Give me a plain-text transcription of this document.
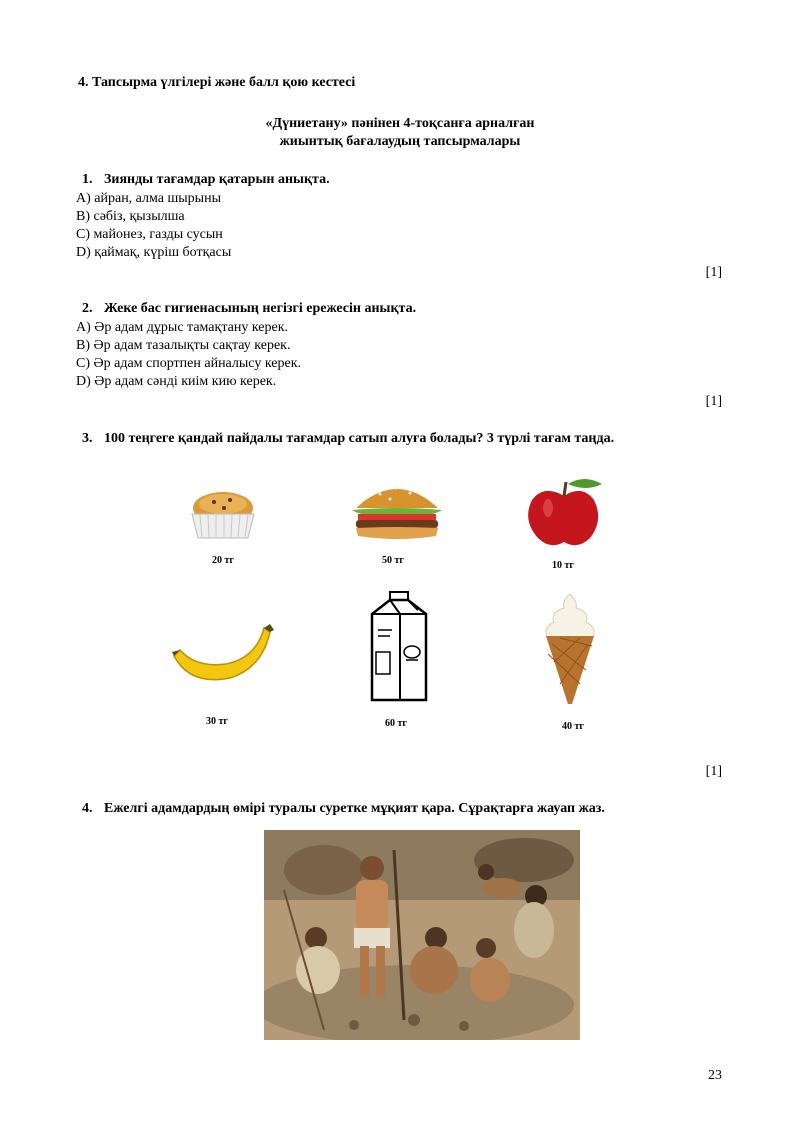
4. Тапсырма үлгілері және балл қою кестесі
«Дүниетану» пәнінен 4-тоқсанға арналған
жиынтық бағалаудың тапсырмалары
1. Зиянды тағамдар қатарын анықта.
A) айран, алма шырыны
B) сәбіз, қызылша
C) майонез, газды сусын
D) қаймақ, күріш ботқасы
[1]
2. Жеке бас гигиенасының негізгі ережесін анықта.
A) Әр адам дұрыс тамақтану керек.
B) Әр адам тазалықты сақтау керек.
C) Әр адам спортпен айналысу керек.
D) Әр адам сәнді киім кию керек.
[1]
3. 100 теңгеге қандай пайдалы тағамдар сатып алуға болады? 3 түрлі тағам таңда.
20 тг	50 тг	10 тг
30 тг	60 тг	40 тг
[1]
4. Ежелгі адамдардың өмірі туралы суретке мұқият қара. Сұрақтарға жауап жаз.
23
